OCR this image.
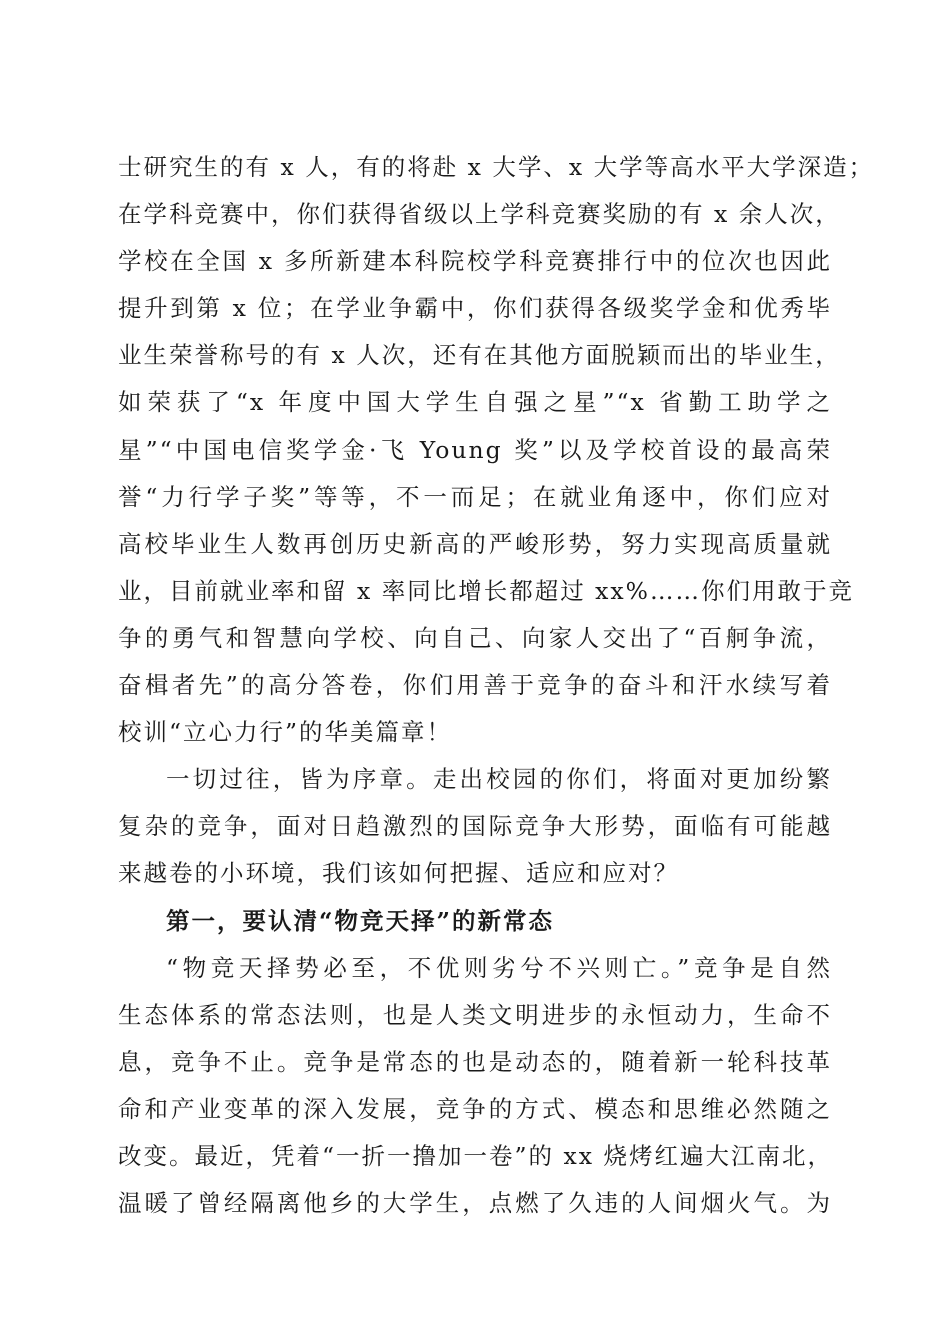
士研究生的有 x 人，有的将赴 x 大学、x 大学等高水平大学深造；
在学科竞赛中，你们获得省级以上学科竞赛奖励的有 x 余人次，
学校在全国 x 多所新建本科院校学科竞赛排行中的位次也因此
提升到第 x 位；在学业争霸中，你们获得各级奖学金和优秀毕
业生荣誉称号的有 x 人次，还有在其他方面脱颖而出的毕业生，
如荣获了“x 年度中国大学生自强之星”“x 省勤工助学之
星”“中国电信奖学金·飞 Young 奖”以及学校首设的最高荣
誉“力行学子奖”等等，不一而足；在就业角逐中，你们应对
高校毕业生人数再创历史新高的严峻形势，努力实现高质量就
业，目前就业率和留 x 率同比增长都超过 xx%……你们用敢于竞
争的勇气和智慧向学校、向自己、向家人交出了“百舸争流，
奋楫者先”的高分答卷，你们用善于竞争的奋斗和汗水续写着
校训“立心力行”的华美篇章！
一切过往，皆为序章。走出校园的你们，将面对更加纷繁
复杂的竞争，面对日趋激烈的国际竞争大形势，面临有可能越
来越卷的小环境，我们该如何把握、适应和应对？
第一，要认清“物竞天择”的新常态
“物竞天择势必至，不优则劣兮不兴则亡。”竞争是自然
生态体系的常态法则，也是人类文明进步的永恒动力，生命不
息，竞争不止。竞争是常态的也是动态的，随着新一轮科技革
命和产业变革的深入发展，竞争的方式、模态和思维必然随之
改变。最近，凭着“一折一撸加一卷”的 xx 烧烤红遍大江南北，
温暖了曾经隔离他乡的大学生，点燃了久违的人间烟火气。为
